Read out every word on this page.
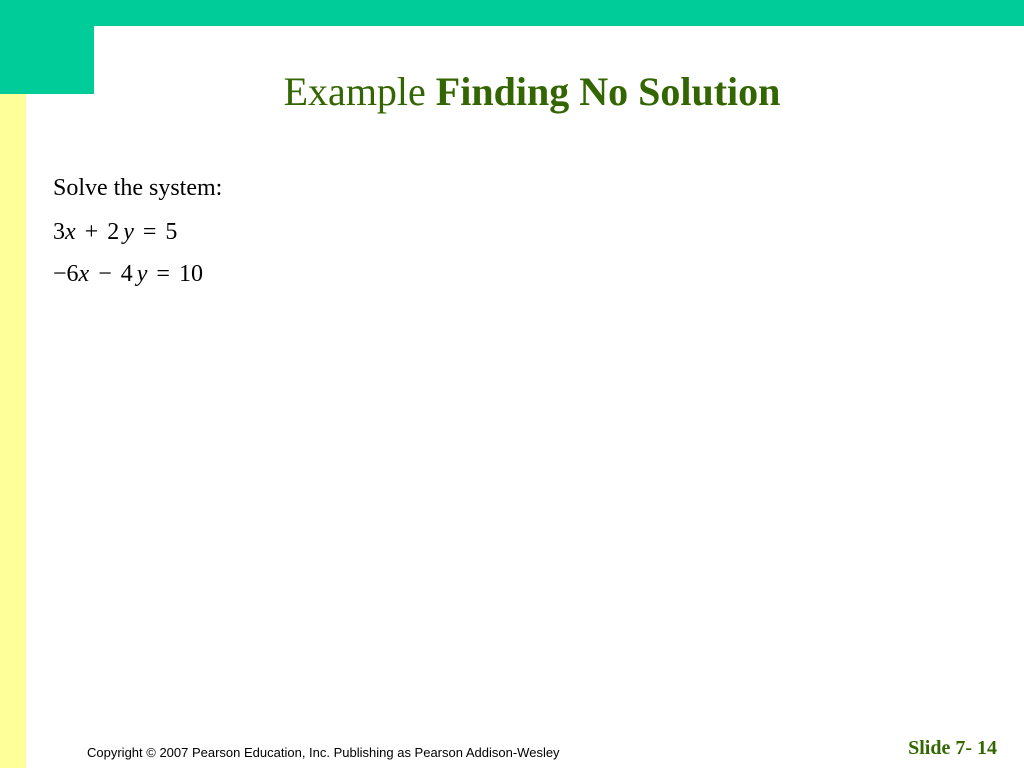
Example Finding No Solution
Solve the system:
3x + 2 y = 5
−6x − 4 y = 10
Copyright © 2007 Pearson Education, Inc. Publishing as Pearson Addison-Wesley	Slide 7- 14
